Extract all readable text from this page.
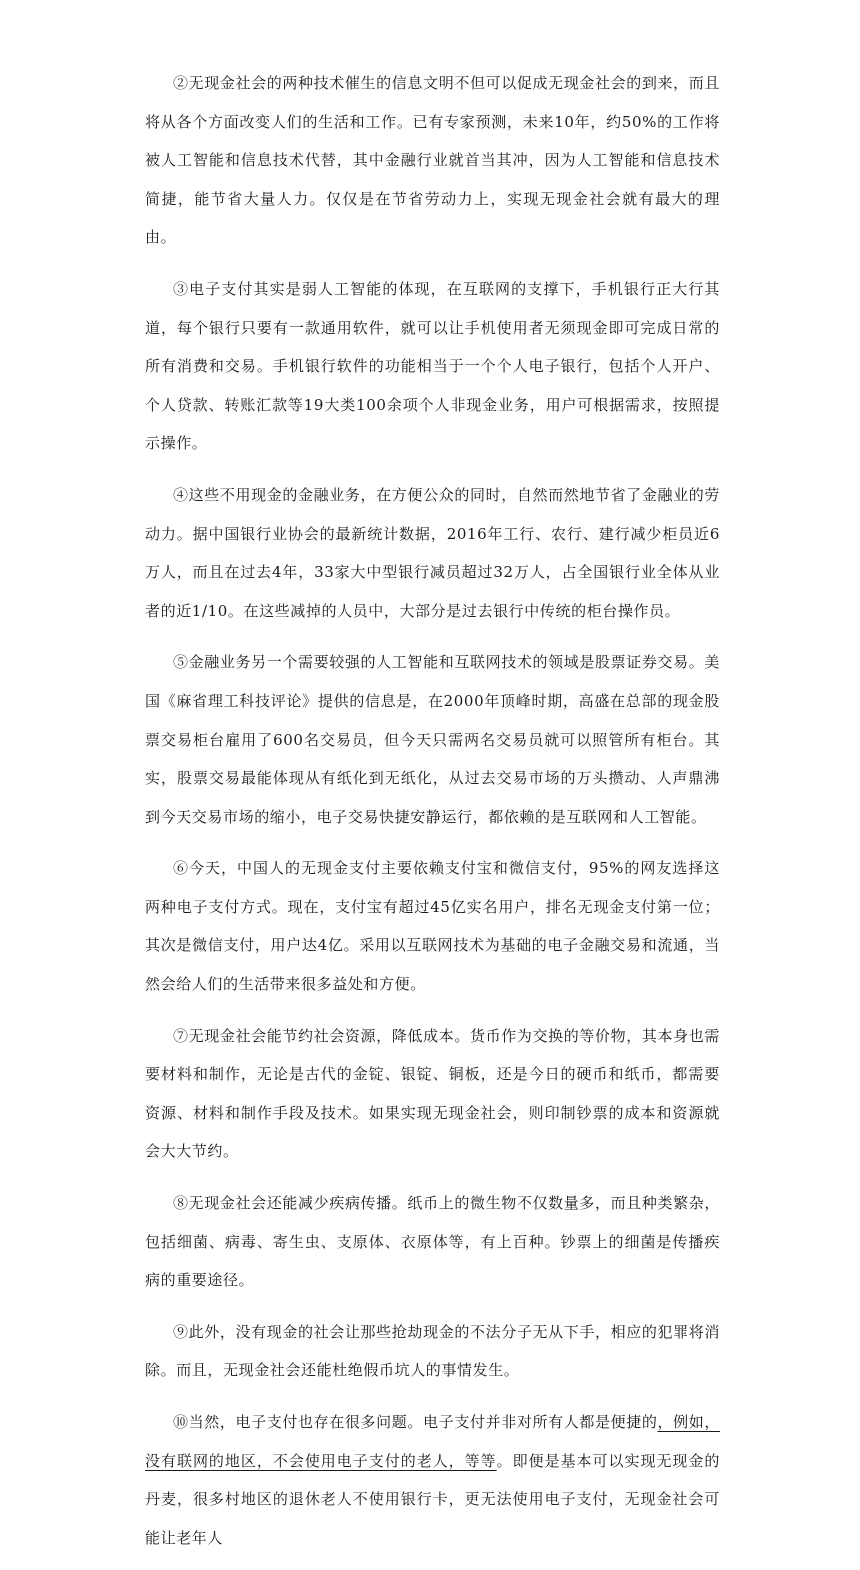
②无现金社会的两种技术催生的信息文明不但可以促成无现金社会的到来，而且将从各个方面改变人们的生活和工作。已有专家预测，未来10年，约50%的工作将被人工智能和信息技术代替，其中金融行业就首当其冲，因为人工智能和信息技术简捷，能节省大量人力。仅仅是在节省劳动力上，实现无现金社会就有最大的理由。

③电子支付其实是弱人工智能的体现，在互联网的支撑下，手机银行正大行其道，每个银行只要有一款通用软件，就可以让手机使用者无须现金即可完成日常的所有消费和交易。手机银行软件的功能相当于一个个人电子银行，包括个人开户、个人贷款、转账汇款等19大类100余项个人非现金业务，用户可根据需求，按照提示操作。

④这些不用现金的金融业务，在方便公众的同时，自然而然地节省了金融业的劳动力。据中国银行业协会的最新统计数据，2016年工行、农行、建行减少柜员近6万人，而且在过去4年，33家大中型银行减员超过32万人，占全国银行业全体从业者的近1/10。在这些减掉的人员中，大部分是过去银行中传统的柜台操作员。

⑤金融业务另一个需要较强的人工智能和互联网技术的领域是股票证券交易。美国《麻省理工科技评论》提供的信息是，在2000年顶峰时期，高盛在总部的现金股票交易柜台雇用了600名交易员，但今天只需两名交易员就可以照管所有柜台。其实，股票交易最能体现从有纸化到无纸化，从过去交易市场的万头攒动、人声鼎沸到今天交易市场的缩小，电子交易快捷安静运行，都依赖的是互联网和人工智能。

⑥今天，中国人的无现金支付主要依赖支付宝和微信支付，95%的网友选择这两种电子支付方式。现在，支付宝有超过45亿实名用户，排名无现金支付第一位；其次是微信支付，用户达4亿。采用以互联网技术为基础的电子金融交易和流通，当然会给人们的生活带来很多益处和方便。

⑦无现金社会能节约社会资源，降低成本。货币作为交换的等价物，其本身也需要材料和制作，无论是古代的金锭、银锭、铜板，还是今日的硬币和纸币，都需要资源、材料和制作手段及技术。如果实现无现金社会，则印制钞票的成本和资源就会大大节约。

⑧无现金社会还能减少疾病传播。纸币上的微生物不仅数量多，而且种类繁杂，包括细菌、病毒、寄生虫、支原体、衣原体等，有上百种。钞票上的细菌是传播疾病的重要途径。

⑨此外，没有现金的社会让那些抢劫现金的不法分子无从下手，相应的犯罪将消除。而且，无现金社会还能杜绝假币坑人的事情发生。

⑩当然，电子支付也存在很多问题。电子支付并非对所有人都是便捷的，例如，没有联网的地区，不会使用电子支付的老人，等等。即便是基本可以实现无现金的丹麦，很多村地区的退休老人不使用银行卡，更无法使用电子支付，无现金社会可能让老年人
